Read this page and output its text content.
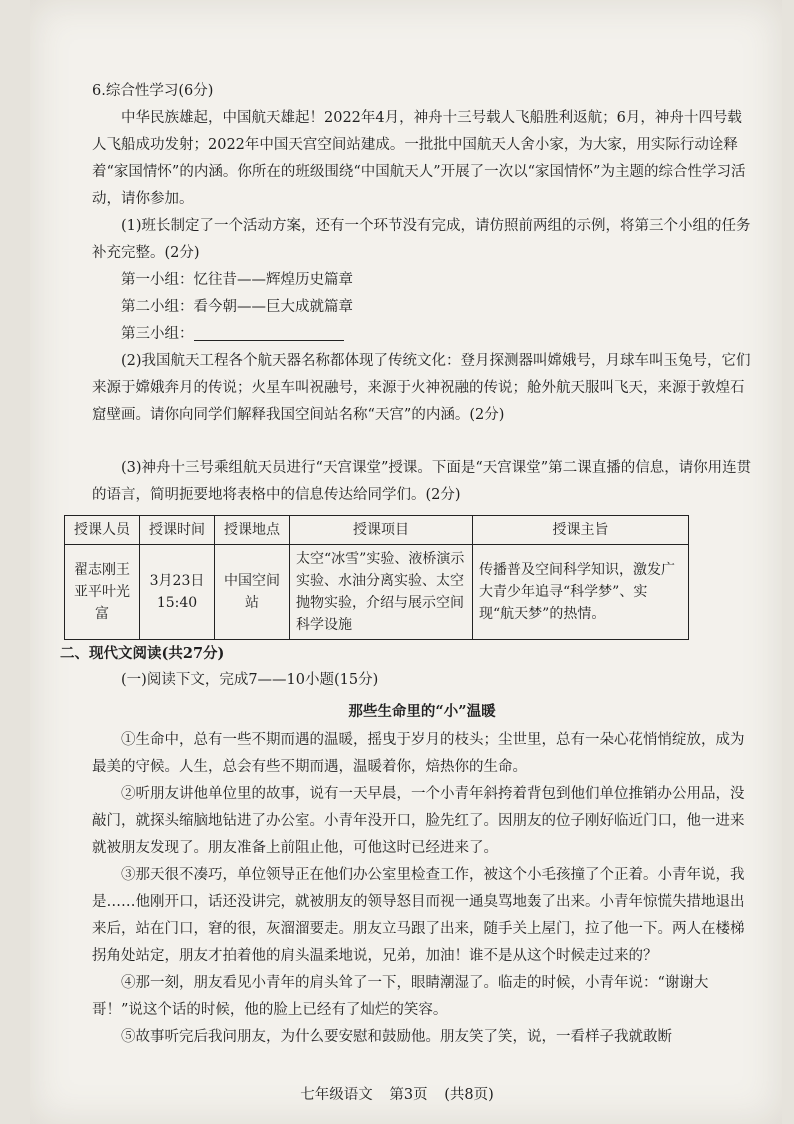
6.综合性学习(6分)

中华民族雄起，中国航天雄起！2022年4月，神舟十三号载人飞船胜利返航；6月，神舟十四号载人飞船成功发射；2022年中国天宫空间站建成。一批批中国航天人舍小家，为大家，用实际行动诠释着“家国情怀”的内涵。你所在的班级围绕“中国航天人”开展了一次以“家国情怀”为主题的综合性学习活动，请你参加。

(1)班长制定了一个活动方案，还有一个环节没有完成，请仿照前两组的示例，将第三个小组的任务补充完整。(2分)

第一小组：忆往昔——辉煌历史篇章

第二小组：看今朝——巨大成就篇章

第三小组：

(2)我国航天工程各个航天器名称都体现了传统文化：登月探测器叫嫦娥号，月球车叫玉兔号，它们来源于嫦娥奔月的传说；火星车叫祝融号，来源于火神祝融的传说；舱外航天服叫飞天，来源于敦煌石窟壁画。请你向同学们解释我国空间站名称“天宫”的内涵。(2分)

(3)神舟十三号乘组航天员进行“天宫课堂”授课。下面是“天宫课堂”第二课直播的信息，请你用连贯的语言，简明扼要地将表格中的信息传达给同学们。(2分)

授课人员	授课时间	授课地点	授课项目	授课主旨
翟志刚王亚平叶光富	3月23日15:40	中国空间站	太空“冰雪”实验、液桥演示实验、水油分离实验、太空抛物实验，介绍与展示空间科学设施	传播普及空间科学知识，激发广大青少年追寻“科学梦”、实现“航天梦”的热情。

二、现代文阅读(共27分)

(一)阅读下文，完成7——10小题(15分)

那些生命里的“小”温暖

①生命中，总有一些不期而遇的温暖，摇曳于岁月的枝头；尘世里，总有一朵心花悄悄绽放，成为最美的守候。人生，总会有些不期而遇，温暖着你，焙热你的生命。

②听朋友讲他单位里的故事，说有一天早晨，一个小青年斜挎着背包到他们单位推销办公用品，没敲门，就探头缩脑地钻进了办公室。小青年没开口，脸先红了。因朋友的位子刚好临近门口，他一进来就被朋友发现了。朋友准备上前阻止他，可他这时已经进来了。

③那天很不凑巧，单位领导正在他们办公室里检查工作，被这个小毛孩撞了个正着。小青年说，我是……他刚开口，话还没讲完，就被朋友的领导怒目而视一通臭骂地轰了出来。小青年惊慌失措地退出来后，站在门口，窘的很，灰溜溜要走。朋友立马跟了出来，随手关上屋门，拉了他一下。两人在楼梯拐角处站定，朋友才拍着他的肩头温柔地说，兄弟，加油！谁不是从这个时候走过来的？

④那一刻，朋友看见小青年的肩头耸了一下，眼睛潮湿了。临走的时候，小青年说：“谢谢大哥！”说这个话的时候，他的脸上已经有了灿烂的笑容。

⑤故事听完后我问朋友，为什么要安慰和鼓励他。朋友笑了笑，说，一看样子我就敢断

七年级语文 第3页 (共8页)
